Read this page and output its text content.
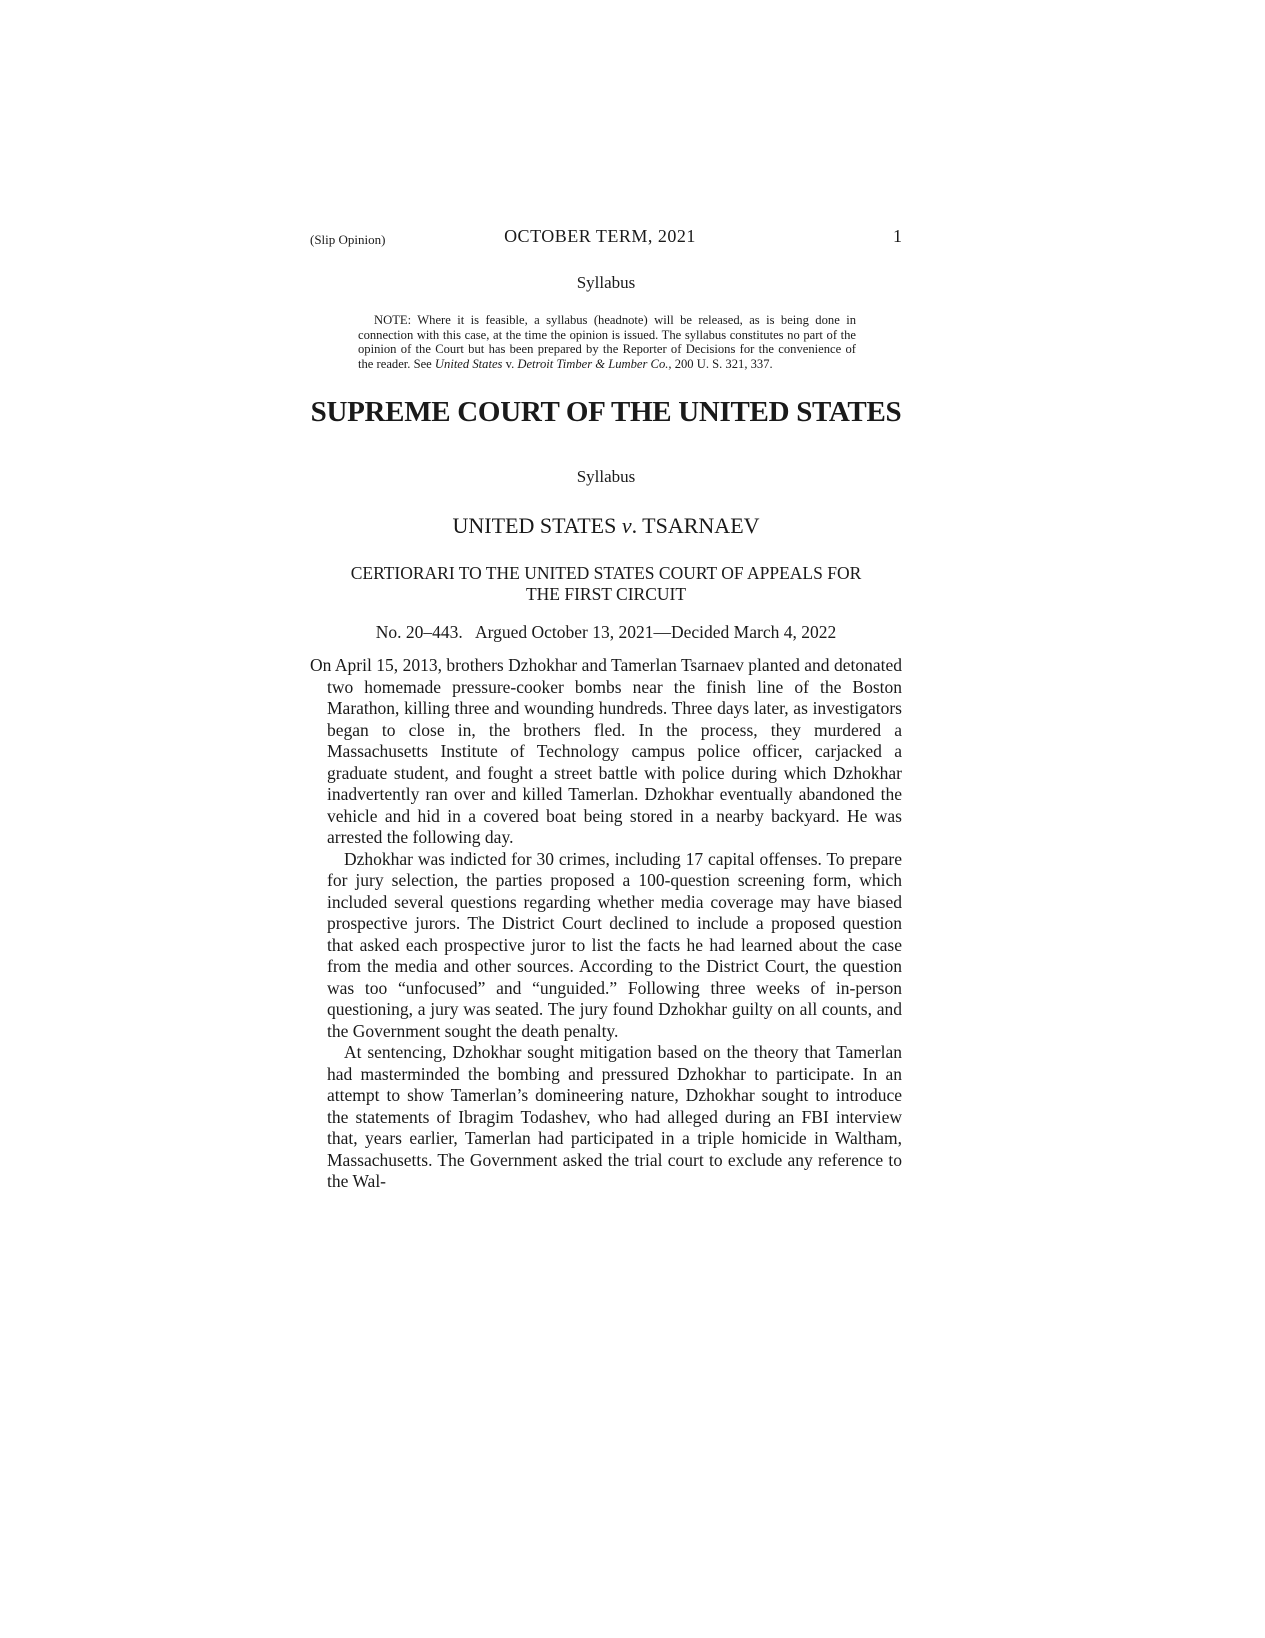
(Slip Opinion)	OCTOBER TERM, 2021	1
Syllabus
NOTE: Where it is feasible, a syllabus (headnote) will be released, as is being done in connection with this case, at the time the opinion is issued. The syllabus constitutes no part of the opinion of the Court but has been prepared by the Reporter of Decisions for the convenience of the reader. See United States v. Detroit Timber & Lumber Co., 200 U. S. 321, 337.
SUPREME COURT OF THE UNITED STATES
Syllabus
UNITED STATES v. TSARNAEV
CERTIORARI TO THE UNITED STATES COURT OF APPEALS FOR
THE FIRST CIRCUIT
No. 20–443.   Argued October 13, 2021—Decided March 4, 2022

On April 15, 2013, brothers Dzhokhar and Tamerlan Tsarnaev planted and detonated two homemade pressure-cooker bombs near the finish line of the Boston Marathon, killing three and wounding hundreds. Three days later, as investigators began to close in, the brothers fled. In the process, they murdered a Massachusetts Institute of Technology campus police officer, carjacked a graduate student, and fought a street battle with police during which Dzhokhar inadvertently ran over and killed Tamerlan. Dzhokhar eventually abandoned the vehicle and hid in a covered boat being stored in a nearby backyard. He was arrested the following day.

Dzhokhar was indicted for 30 crimes, including 17 capital offenses. To prepare for jury selection, the parties proposed a 100-question screening form, which included several questions regarding whether media coverage may have biased prospective jurors. The District Court declined to include a proposed question that asked each prospective juror to list the facts he had learned about the case from the media and other sources. According to the District Court, the question was too “unfocused” and “unguided.” Following three weeks of in-person questioning, a jury was seated. The jury found Dzhokhar guilty on all counts, and the Government sought the death penalty.

At sentencing, Dzhokhar sought mitigation based on the theory that Tamerlan had masterminded the bombing and pressured Dzhokhar to participate. In an attempt to show Tamerlan’s domineering nature, Dzhokhar sought to introduce the statements of Ibragim Todashev, who had alleged during an FBI interview that, years earlier, Tamerlan had participated in a triple homicide in Waltham, Massachusetts. The Government asked the trial court to exclude any reference to the Wal-
